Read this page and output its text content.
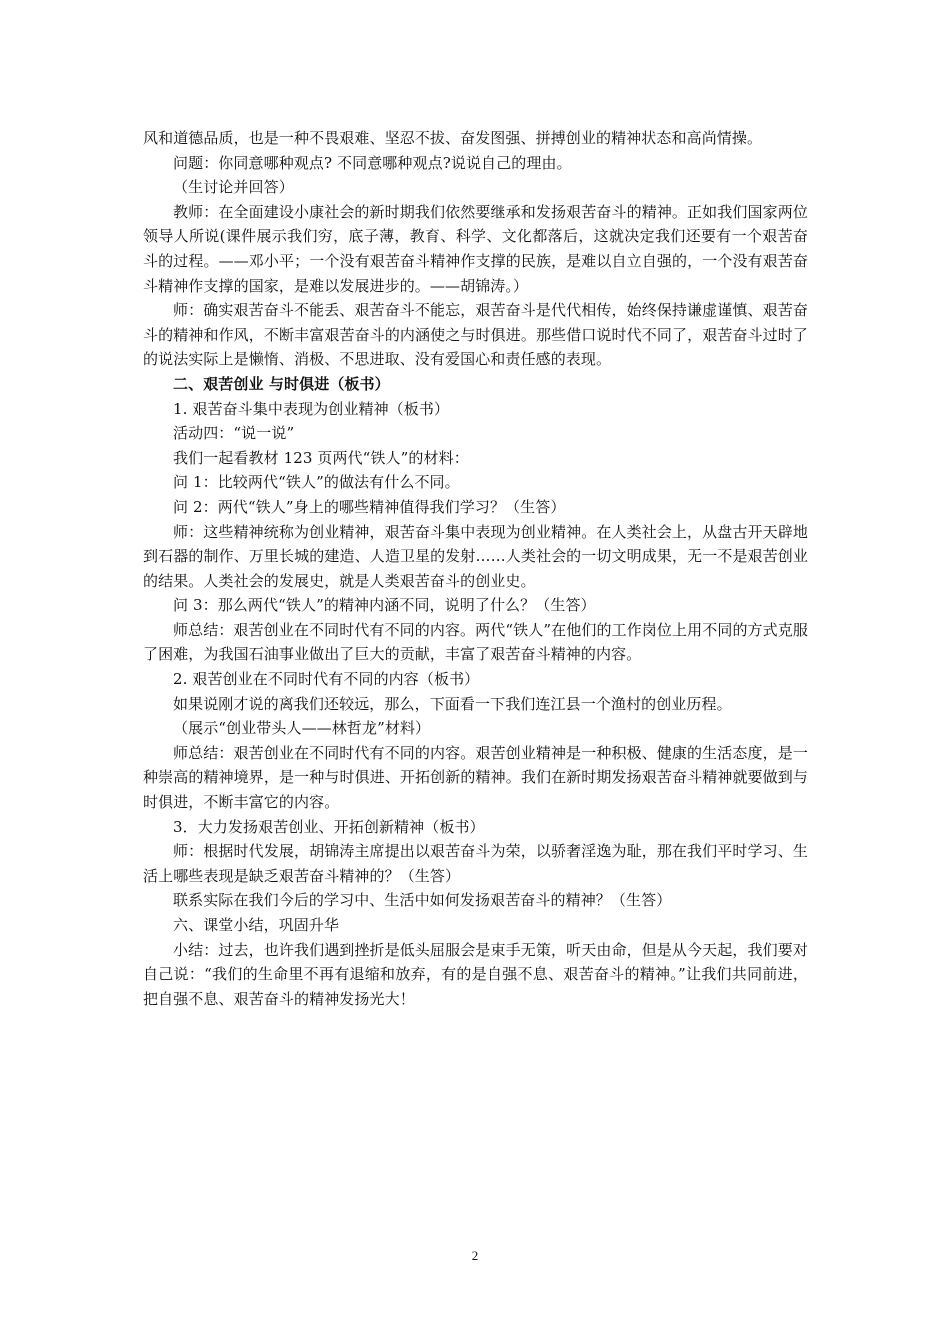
风和道德品质，也是一种不畏艰难、坚忍不拔、奋发图强、拼搏创业的精神状态和高尚情操。

问题：你同意哪种观点? 不同意哪种观点?说说自己的理由。

（生讨论并回答）

教师：在全面建设小康社会的新时期我们依然要继承和发扬艰苦奋斗的精神。正如我们国家两位领导人所说(课件展示我们穷，底子薄，教育、科学、文化都落后，这就决定我们还要有一个艰苦奋斗的过程。——邓小平；一个没有艰苦奋斗精神作支撑的民族，是难以自立自强的，一个没有艰苦奋斗精神作支撑的国家，是难以发展进步的。——胡锦涛。）

师：确实艰苦奋斗不能丢、艰苦奋斗不能忘，艰苦奋斗是代代相传，始终保持谦虚谨慎、艰苦奋斗的精神和作风，不断丰富艰苦奋斗的内涵使之与时俱进。那些借口说时代不同了，艰苦奋斗过时了的说法实际上是懒惰、消极、不思进取、没有爱国心和责任感的表现。

二、艰苦创业 与时俱进（板书）

1. 艰苦奋斗集中表现为创业精神（板书）

活动四：“说一说”

我们一起看教材 123 页两代“铁人”的材料：

问 1：比较两代“铁人”的做法有什么不同。

问 2：两代“铁人”身上的哪些精神值得我们学习？（生答）

师：这些精神统称为创业精神，艰苦奋斗集中表现为创业精神。在人类社会上，从盘古开天辟地到石器的制作、万里长城的建造、人造卫星的发射……人类社会的一切文明成果，无一不是艰苦创业的结果。人类社会的发展史，就是人类艰苦奋斗的创业史。

问 3：那么两代“铁人”的精神内涵不同，说明了什么？（生答）

师总结：艰苦创业在不同时代有不同的内容。两代“铁人”在他们的工作岗位上用不同的方式克服了困难，为我国石油事业做出了巨大的贡献，丰富了艰苦奋斗精神的内容。

2. 艰苦创业在不同时代有不同的内容（板书）

如果说刚才说的离我们还较远，那么，下面看一下我们连江县一个渔村的创业历程。

（展示“创业带头人——林哲龙”材料）

师总结：艰苦创业在不同时代有不同的内容。艰苦创业精神是一种积极、健康的生活态度，是一种崇高的精神境界，是一种与时俱进、开拓创新的精神。我们在新时期发扬艰苦奋斗精神就要做到与时俱进，不断丰富它的内容。

3．大力发扬艰苦创业、开拓创新精神（板书）

师：根据时代发展，胡锦涛主席提出以艰苦奋斗为荣，以骄奢淫逸为耻，那在我们平时学习、生活上哪些表现是缺乏艰苦奋斗精神的？（生答）

联系实际在我们今后的学习中、生活中如何发扬艰苦奋斗的精神？（生答）

六、课堂小结，巩固升华

小结：过去，也许我们遇到挫折是低头屈服会是束手无策，听天由命，但是从今天起，我们要对自己说：“我们的生命里不再有退缩和放弃，有的是自强不息、艰苦奋斗的精神。”让我们共同前进，把自强不息、艰苦奋斗的精神发扬光大！

2
